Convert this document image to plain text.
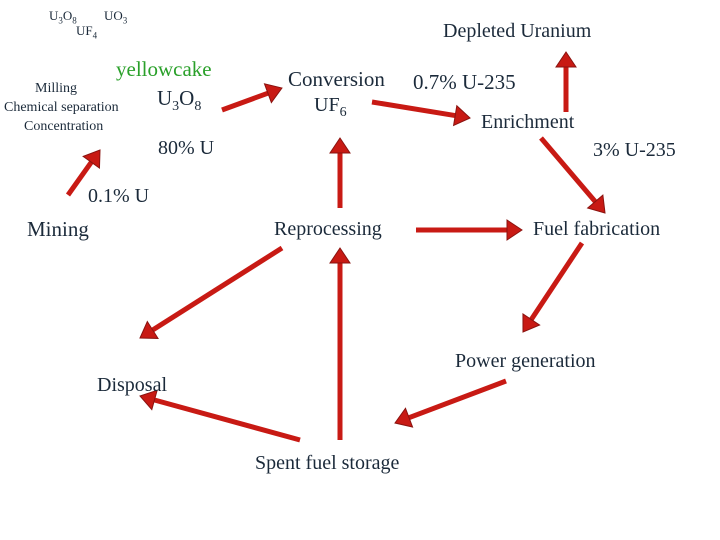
$U_3O_8$ $UO_3$
$UF_4$
yellowcake
Milling
Chemical separation
Concentration
$U_3O_8$
80% U
0.1% U
Mining
Conversion 0.7% U-235
$UF_6$
Depleted Uranium
Enrichment
3% U-235
Reprocessing	Fuel fabrication
Power generation
Disposal
Spent fuel storage
